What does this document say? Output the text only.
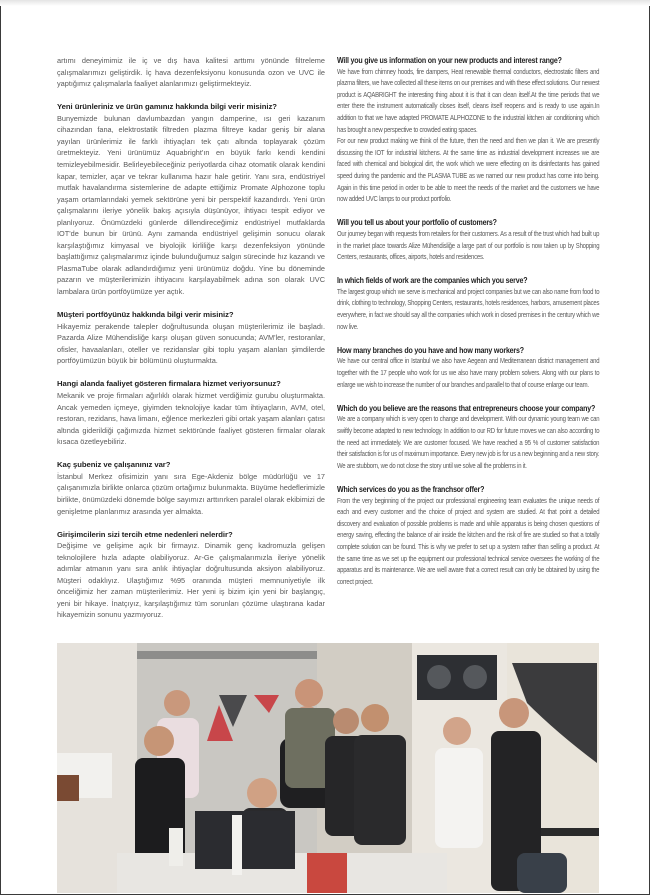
artımı deneyimimiz ile iç ve dış hava kalitesi arttımı yönünde filtreleme çalışmalarımızı geliştirdik. İç hava dezenfeksiyonu konusunda ozon ve UVC ile yaptığımız çalışmalarla faaliyet alanlarımızı geliştirmekteyiz.
Yeni ürünleriniz ve ürün gamınız hakkında bilgi verir misiniz?
Bunyemizde bulunan davlumbazdan yangın damperine, ısı geri kazanım cihazından fana, elektrostatik filtreden plazma filtreye kadar geniş bir alana yayılan ürünlerimiz ile farklı ihtiyaçları tek çatı altında toplayarak çözüm üretmekteyiz. Yeni ürünümüz Aquabright'ın en büyük farkı kendi kendini temizleyebilmesidir. Belirleyebileceğiniz periyotlarda cihaz otomatik olarak kendini kapar, temizler, açar ve tekrar kullanıma hazır hale getirir. Yanı sıra, endüstriyel mutfak havalandırma sistemlerine de adapte ettiğimiz Promate Alphozone toplu yaşam ortamlarındaki yemek sektörüne yeni bir perspektif kazandırdı. Yeni ürün çalışmalarını ileriye yönelik bakış açısıyla düşünüyor, ihtiyacı tespit ediyor ve planlıyoruz. Önümüzdeki günlerde dillendireceğimiz endüstriyel mutfaklarda IOT'de bunun bir ürünü. Aynı zamanda endüstriyel gelişimin sonucu olarak karşılaştığımız kimyasal ve biyolojik kirliliğe karşı dezenfeksiyon yönünde başlattığımız çalışmalarımız içinde bulunduğumuz salgın sürecinde hız kazandı ve PlasmaTube olarak adlandırdığımız yeni ürünümüz doğdu. Yine bu döneminde pazarın ve müşterilerimizin ihtiyacını karşılayabilmek adına son olarak UVC lambalara ürün portföyümüze yer açtık.
Müşteri portföyünüz hakkında bilgi verir misiniz?
Hikayemiz perakende talepler doğrultusunda oluşan müşterilerimiz ile başladı. Pazarda Alize Mühendisliğe karşı oluşan güven sonucunda; AVM'ler, restoranlar, ofisler, havaalanları, oteller ve rezidanslar gibi toplu yaşam alanları şimdilerde portföyümüzün büyük bir bölümünü oluşturmakta.
Hangi alanda faaliyet gösteren firmalara hizmet veriyorsunuz?
Mekanik ve proje firmaları ağırlıklı olarak hizmet verdiğimiz gurubu oluşturmakta. Ancak yemeden içmeye, giyimden teknolojiye kadar tüm ihtiyaçların, AVM, otel, restoran, rezidans, hava limanı, eğlence merkezleri gibi ortak yaşam alanları çatısı altında giderildiği çağımızda hizmet sektöründe faaliyet gösteren firmalar olarak kısaca özetleyebiliriz.
Kaç şubeniz ve çalışanınız var?
İstanbul Merkez ofisimizin yanı sıra Ege-Akdeniz bölge müdürlüğü ve 17 çalışanımızla birlikte onlarca çözüm ortağımız bulunmakta. Büyüme hedeflerimizle birlikte, önümüzdeki dönemde bölge sayımızı arttırırken paralel olarak ekibimizi de genişletme planlarımız arasında yer almakta.
Girişimcilerin sizi tercih etme nedenleri nelerdir?
Değişime ve gelişime açık bir firmayız. Dinamik genç kadromuzla gelişen teknolojilere hızla adapte olabiliyoruz. Ar-Ge çalışmalarımızla ileriye yönelik adımlar atmanın yanı sıra anlık ihtiyaçlar doğrultusunda aksiyon alabiliyoruz. Müşteri odaklıyız. Ulaştığımız %95 oranında müşteri memnuniyetiyle ilk önceliğimiz her zaman müşterilerimiz. Her yeni iş bizim için yeni bir başlangıç, yeni bir hikaye. İnatçıyız, karşılaştığımız tüm sorunları çözüme ulaştırana kadar hikayemizin sonunu yazmıyoruz.
Will you give us information on your new products and interest range?
We have from chimney hoods, fire dampers, Heat renewable thermal conductors, electrostatic filters and plazma filters, we have collected all these items on our premises and with these effect solutions. Our newest product is AQABRIGHT the interesting thing about it is that it can clean itself.At the time periods that we enter there the instrument automatically closes itself, cleans itself reopens and is ready to use again.In addition to that we have adapted PROMATE ALPHOZONE to the industrial kitchen air conditioning which has brought a new perspective to crowded eating spaces.
For our new product making we think of the future, then the need and then we plan it. We are presently discussing the IOT for industrial kitchens. At the same time as industrial development increases we are faced with chemical and biological dirt, the work which we were effecting on its disinfectants has gained speed during the pandemic and the PLASMA TUBE as we named our new product has come into being. Again in this time period in order to be able to meet the needs of the market and the customers we have now added UVC lamps to our product portfolio.
Will you tell us about your portfolio of customers?
Our journey began with requests from retailers for their customers. As a result of the trust which had built up in the market place towards Alize Mühendisliğe a large part of our portfolio is now taken up by Shopping Centers, restaurants, offices, airports, hotels and residences.
In which fields of work are the companies which you serve?
The largest group which we serve is mechanical and project companies but we can also name from food to drink, clothing to technology, Shopping Centers, restaurants, hotels residences, harbors, amusement places everywhere, in fact we should say all the companies which work in closed premises in the century which we now live.
How many branches do you have and how many workers?
We have our central office in Istanbul we also have Aegean and Mediterranean district management and together with the 17 people who work for us we also have many problem solvers. Along with our plans to enlarge we wish to increase the number of our branches and parallel to that of course enlarge our team.
Which do you believe are the reasons that entrepreneurs choose your company?
We are a company which is very open to change and development. With our dynamic young team we can swiftly become adapted to new technology. In addition to our RD for future moves we can also according to the need act immediately. We are customer focused. We have reached a 95 % of customer satisfaction their satisfaction is for us of maximum importance. Every new job is for us a new beginning and a new story. We are stubborn, we do not close the story until we solve all the problems in it.
Which services do you as the franchsor offer?
From the very beginning of the project our professional engineering team evaluates the unique needs of each and every customer and the choice of project and system are studied. At that point a detailed discovery and evaluation of possible problems is made and while apparatus is being chosen questions of energy saving, effecting the balance of air inside the kitchen and the risk of fire are studied so that a totally complete solution can be found. This is why we prefer to set up a system rather than selling a product. At the same time as we set up the equipment our professional technical service oversees the working of the apparatus and its maintenance. We are well aware that a correct result can only be obtained by using the correct project.
